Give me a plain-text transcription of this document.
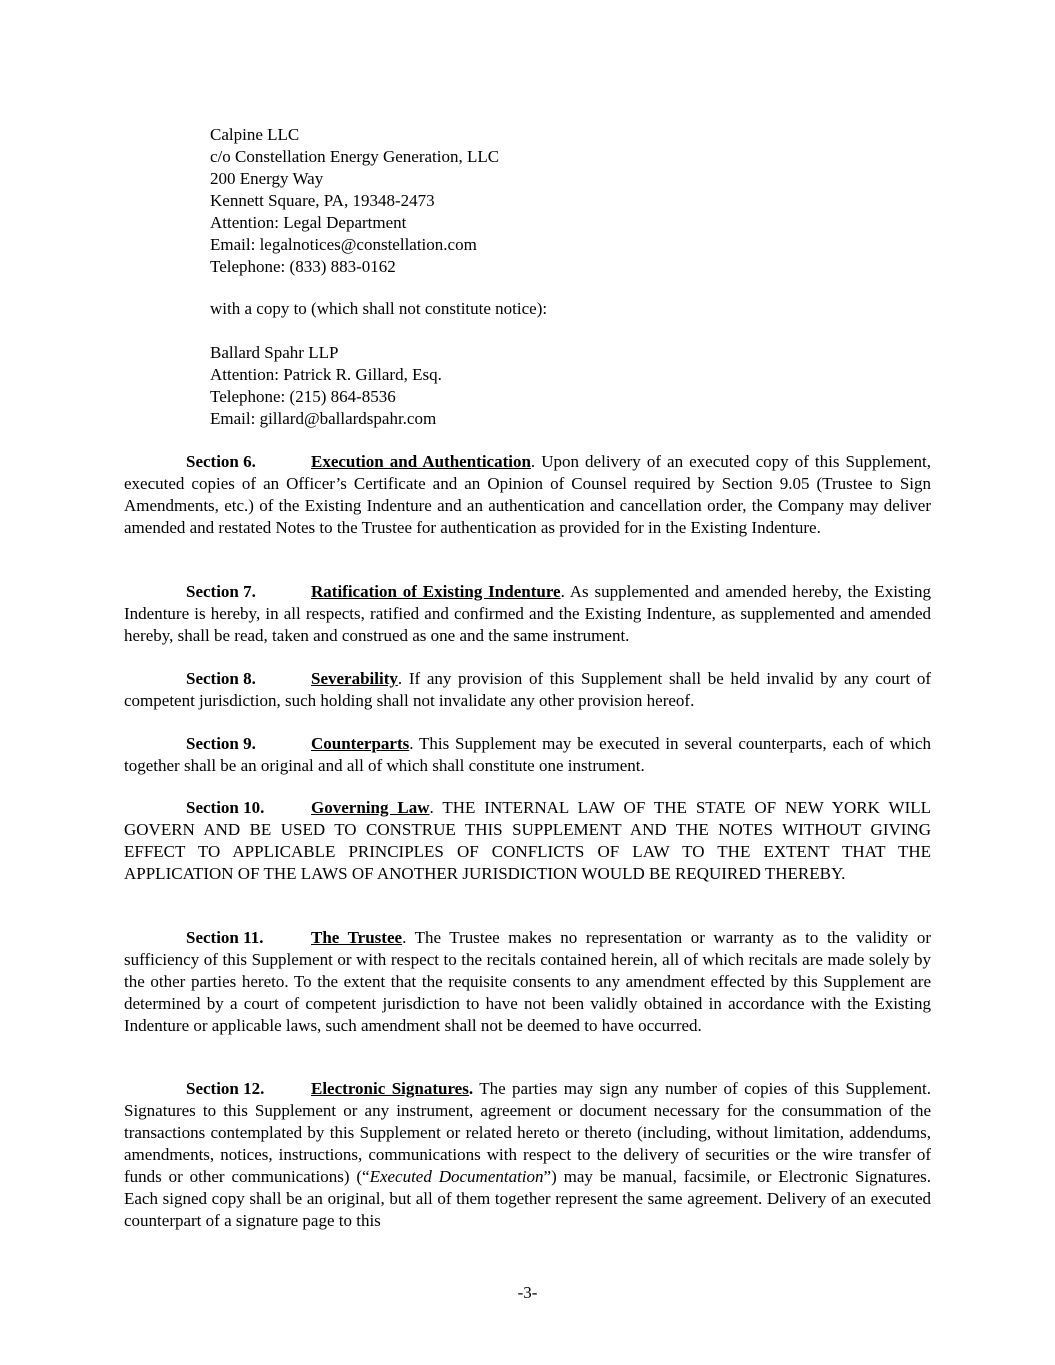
Calpine LLC
c/o Constellation Energy Generation, LLC
200 Energy Way
Kennett Square, PA, 19348-2473
Attention: Legal Department
Email: legalnotices@constellation.com
Telephone: (833) 883-0162
with a copy to (which shall not constitute notice):
Ballard Spahr LLP
Attention: Patrick R. Gillard, Esq.
Telephone: (215) 864-8536
Email: gillard@ballardspahr.com

Section 6.	Execution and Authentication. Upon delivery of an executed copy of this Supplement, executed copies of an Officer’s Certificate and an Opinion of Counsel required by Section 9.05 (Trustee to Sign Amendments, etc.) of the Existing Indenture and an authentication and cancellation order, the Company may deliver amended and restated Notes to the Trustee for authentication as provided for in the Existing Indenture.

Section 7.	Ratification of Existing Indenture. As supplemented and amended hereby, the Existing Indenture is hereby, in all respects, ratified and confirmed and the Existing Indenture, as supplemented and amended hereby, shall be read, taken and construed as one and the same instrument.

Section 8.	Severability. If any provision of this Supplement shall be held invalid by any court of competent jurisdiction, such holding shall not invalidate any other provision hereof.

Section 9.	Counterparts. This Supplement may be executed in several counterparts, each of which together shall be an original and all of which shall constitute one instrument.

Section 10.	Governing Law. THE INTERNAL LAW OF THE STATE OF NEW YORK WILL GOVERN AND BE USED TO CONSTRUE THIS SUPPLEMENT AND THE NOTES WITHOUT GIVING EFFECT TO APPLICABLE PRINCIPLES OF CONFLICTS OF LAW TO THE EXTENT THAT THE APPLICATION OF THE LAWS OF ANOTHER JURISDICTION WOULD BE REQUIRED THEREBY.

Section 11.	The Trustee. The Trustee makes no representation or warranty as to the validity or sufficiency of this Supplement or with respect to the recitals contained herein, all of which recitals are made solely by the other parties hereto. To the extent that the requisite consents to any amendment effected by this Supplement are determined by a court of competent jurisdiction to have not been validly obtained in accordance with the Existing Indenture or applicable laws, such amendment shall not be deemed to have occurred.

Section 12.	Electronic Signatures. The parties may sign any number of copies of this Supplement. Signatures to this Supplement or any instrument, agreement or document necessary for the consummation of the transactions contemplated by this Supplement or related hereto or thereto (including, without limitation, addendums, amendments, notices, instructions, communications with respect to the delivery of securities or the wire transfer of funds or other communications) (“Executed Documentation”) may be manual, facsimile, or Electronic Signatures. Each signed copy shall be an original, but all of them together represent the same agreement. Delivery of an executed counterpart of a signature page to this

-3-
